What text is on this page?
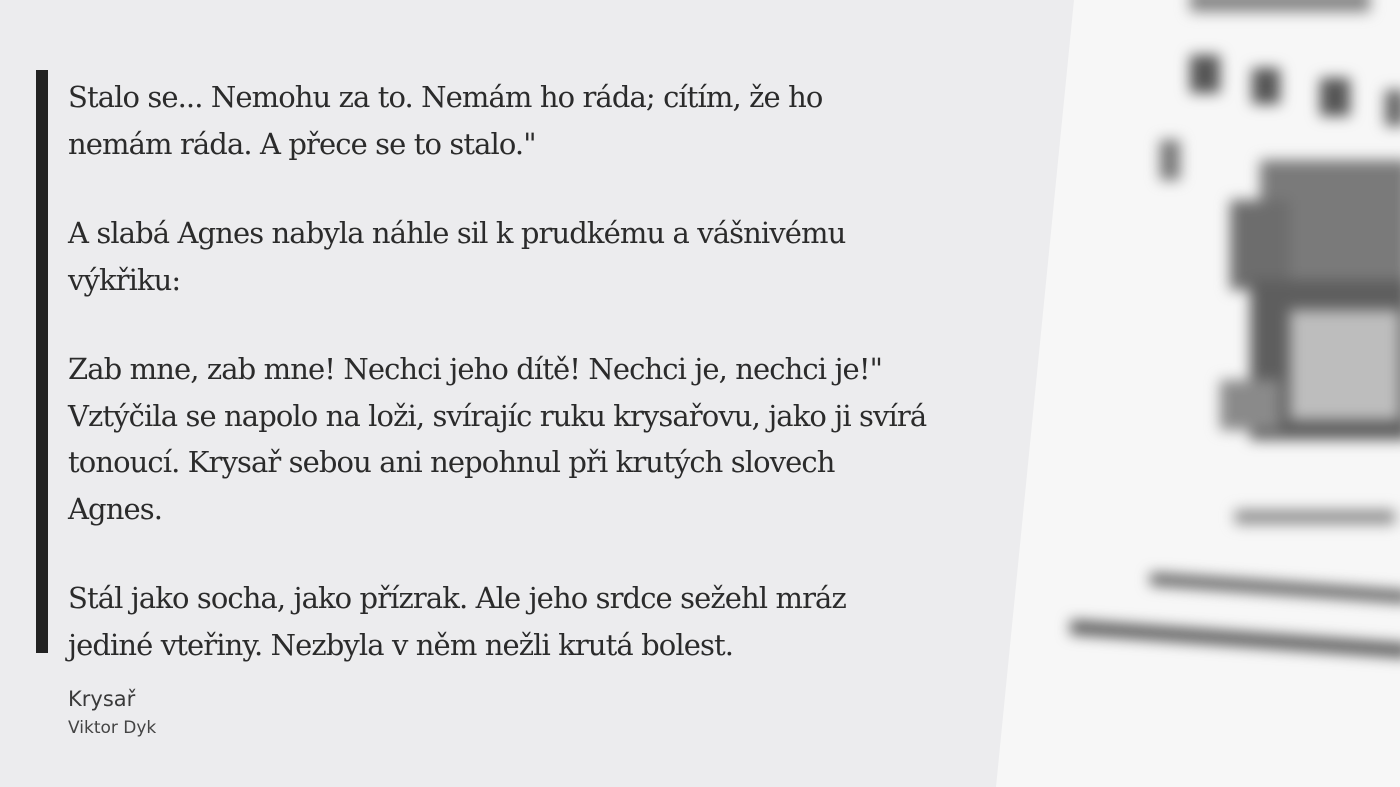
Stalo se... Nemohu za to. Nemám ho ráda; cítím, že ho nemám ráda. A přece se to stalo."

A slabá Agnes nabyla náhle sil k prudkému a vášnivému výkřiku:

Zab mne, zab mne! Nechci jeho dítě! Nechci je, nechci je!" Vztýčila se napolo na loži, svírajíc ruku krysařovu, jako ji svírá tonoucí. Krysař sebou ani nepohnul při krutých slovech Agnes.

Stál jako socha, jako přízrak. Ale jeho srdce sežehl mráz jediné vteřiny. Nezbyla v něm nežli krutá bolest.

Krysař
Viktor Dyk
